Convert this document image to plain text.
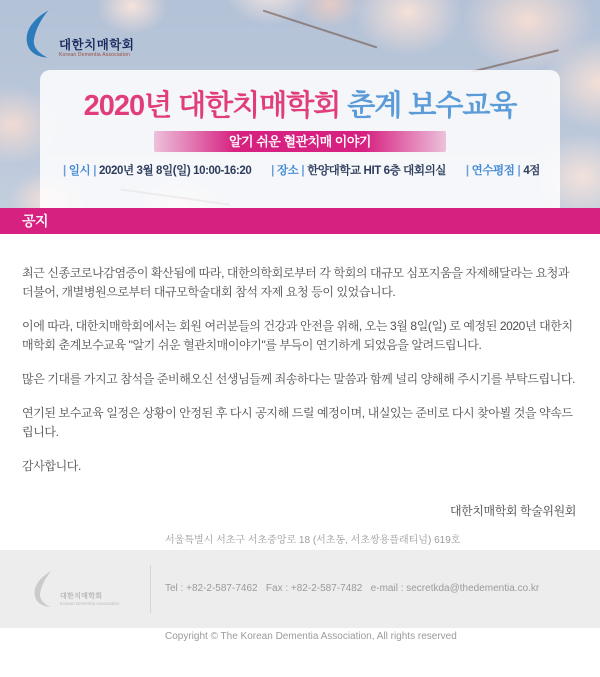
대한치매학회
Korean Dementia Association
2020년 대한치매학회 춘계 보수교육
알기 쉬운 혈관치매 이야기
| 일시 | 2020년 3월 8일(일) 10:00-16:20 | 장소 | 한양대학교 HIT 6층 대회의실 | 연수평점 | 4점
공지

최근 신종코로나감염증이 확산됨에 따라, 대한의학회로부터 각 학회의 대규모 심포지움을 자제해달라는 요청과 더불어, 개별병원으로부터 대규모학술대회 참석 자제 요청 등이 있었습니다.

이에 따라, 대한치매학회에서는 회원 여러분들의 건강과 안전을 위해, 오는 3월 8일(일) 로 예정된 2020년 대한치매학회 춘계보수교육 "알기 쉬운 혈관치매이야기"를 부득이 연기하게 되었음을 알려드립니다.

많은 기대를 가지고 참석을 준비해오신 선생님들께 죄송하다는 말씀과 함께 널리 양해해 주시기를 부탁드립니다.

연기된 보수교육 일정은 상황이 안정된 후 다시 공지해 드릴 예정이며, 내실있는 준비로 다시 찾아뵐 것을 약속드립니다.

감사합니다.

대한치매학회 학술위원회
대한치매학회
Korean Dementia Association

서울특별시 서초구 서초중앙로 18 (서초동, 서초쌍용플래티넘) 619호

Tel : +82-2-587-7462   Fax : +82-2-587-7482   e-mail : secretkda@thedementia.co.kr

Copyright © The Korean Dementia Association, All rights reserved
